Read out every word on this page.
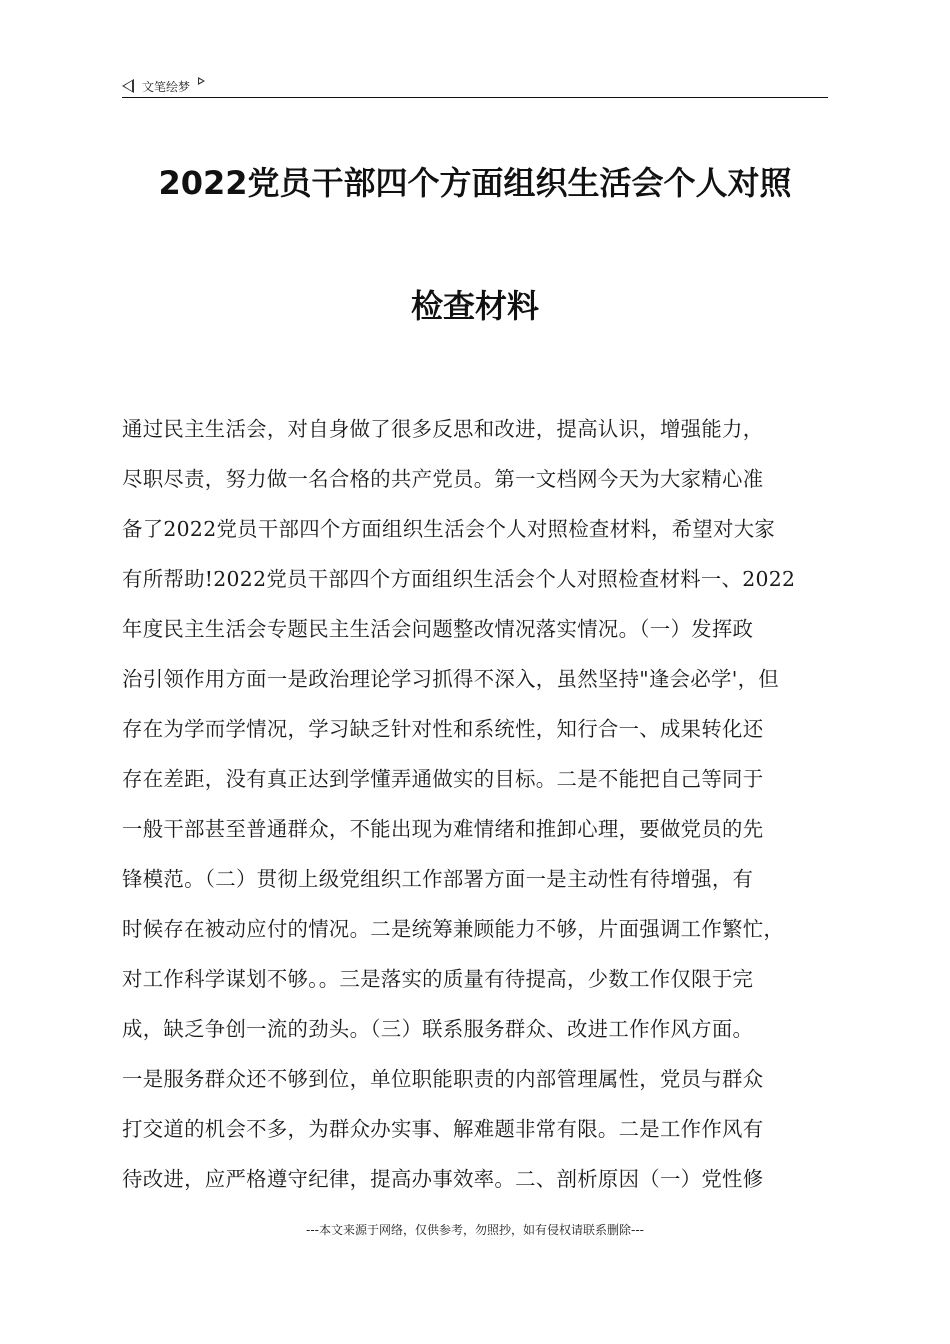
文笔绘梦
2022党员干部四个方面组织生活会个人对照
检查材料
通过民主生活会，对自身做了很多反思和改进，提高认识，增强能力，
尽职尽责，努力做一名合格的共产党员。第一文档网今天为大家精心准
备了2022党员干部四个方面组织生活会个人对照检查材料，希望对大家
有所帮助!2022党员干部四个方面组织生活会个人对照检查材料一、2022
年度民主生活会专题民主生活会问题整改情况落实情况。（一）发挥政
治引领作用方面一是政治理论学习抓得不深入，虽然坚持"逢会必学'，但
存在为学而学情况，学习缺乏针对性和系统性，知行合一、成果转化还
存在差距，没有真正达到学懂弄通做实的目标。二是不能把自己等同于
一般干部甚至普通群众，不能出现为难情绪和推卸心理，要做党员的先
锋模范。（二）贯彻上级党组织工作部署方面一是主动性有待增强，有
时候存在被动应付的情况。二是统筹兼顾能力不够，片面强调工作繁忙，
对工作科学谋划不够。。三是落实的质量有待提高，少数工作仅限于完
成，缺乏争创一流的劲头。（三）联系服务群众、改进工作作风方面。
一是服务群众还不够到位，单位职能职责的内部管理属性，党员与群众
打交道的机会不多，为群众办实事、解难题非常有限。二是工作作风有
待改进，应严格遵守纪律，提高办事效率。二、剖析原因（一）党性修
---本文来源于网络，仅供参考，勿照抄，如有侵权请联系删除---
